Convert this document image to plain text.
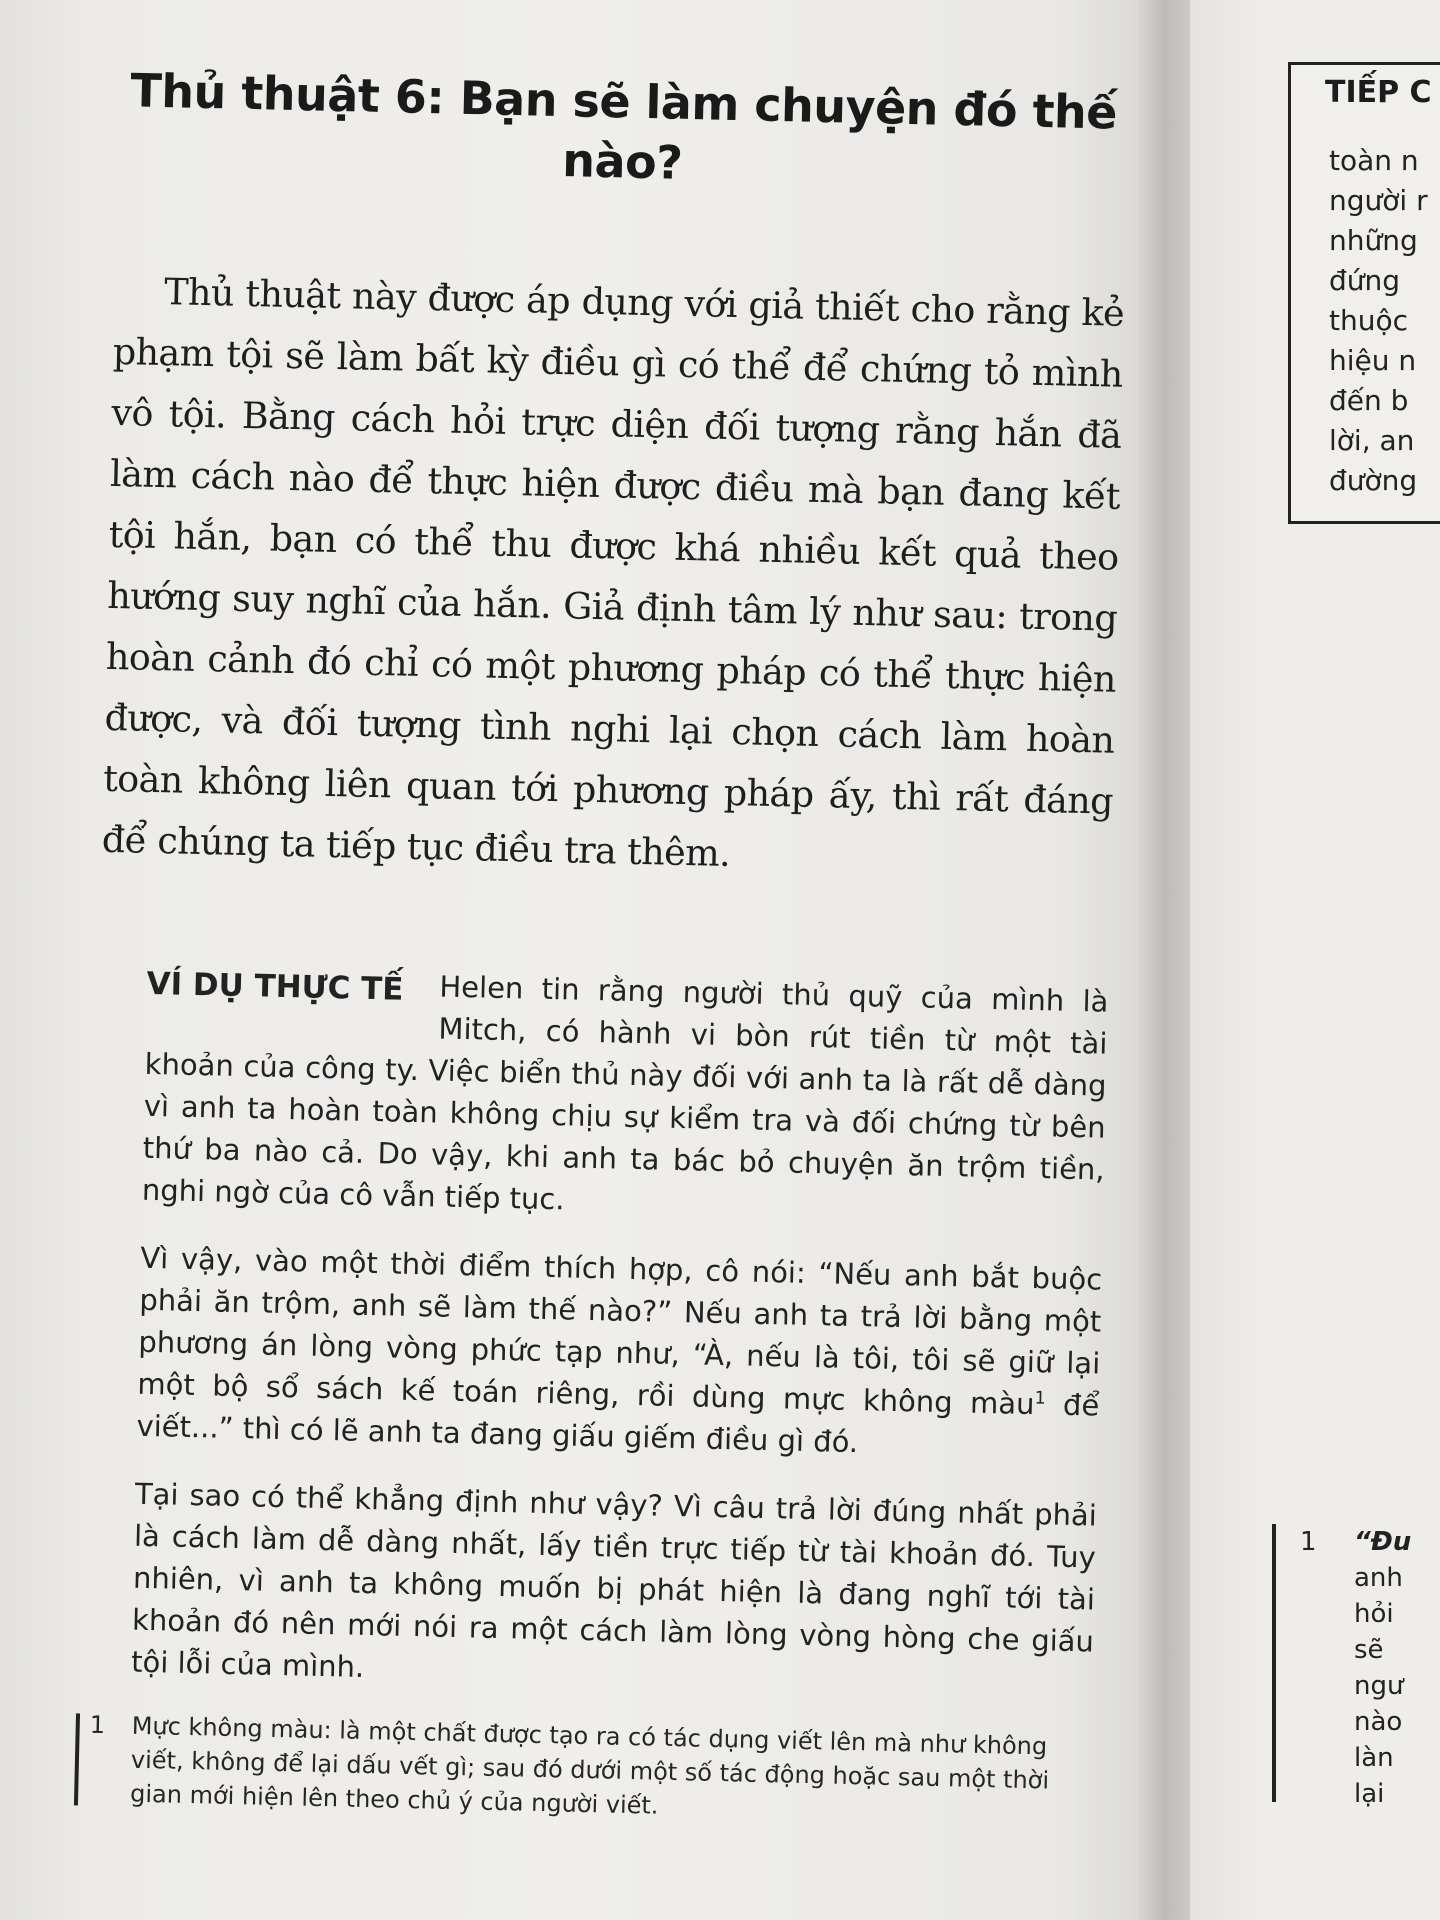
Thủ thuật 6: Bạn sẽ làm chuyện đó thế nào?

Thủ thuật này được áp dụng với giả thiết cho rằng kẻ phạm tội sẽ làm bất kỳ điều gì có thể để chứng tỏ mình vô tội. Bằng cách hỏi trực diện đối tượng rằng hắn đã làm cách nào để thực hiện được điều mà bạn đang kết tội hắn, bạn có thể thu được khá nhiều kết quả theo hướng suy nghĩ của hắn. Giả định tâm lý như sau: trong hoàn cảnh đó chỉ có một phương pháp có thể thực hiện được, và đối tượng tình nghi lại chọn cách làm hoàn toàn không liên quan tới phương pháp ấy, thì rất đáng để chúng ta tiếp tục điều tra thêm.

VÍ DỤ THỰC TẾ	Helen tin rằng người thủ quỹ của mình là Mitch, có hành vi bòn rút tiền từ một tài khoản của công ty. Việc biển thủ này đối với anh ta là rất dễ dàng vì anh ta hoàn toàn không chịu sự kiểm tra và đối chứng từ bên thứ ba nào cả. Do vậy, khi anh ta bác bỏ chuyện ăn trộm tiền, nghi ngờ của cô vẫn tiếp tục.

Vì vậy, vào một thời điểm thích hợp, cô nói: “Nếu anh bắt buộc phải ăn trộm, anh sẽ làm thế nào?” Nếu anh ta trả lời bằng một phương án lòng vòng phức tạp như, “À, nếu là tôi, tôi sẽ giữ lại một bộ sổ sách kế toán riêng, rồi dùng mực không màu$^1$ để viết...” thì có lẽ anh ta đang giấu giếm điều gì đó.

Tại sao có thể khẳng định như vậy? Vì câu trả lời đúng nhất phải là cách làm dễ dàng nhất, lấy tiền trực tiếp từ tài khoản đó. Tuy nhiên, vì anh ta không muốn bị phát hiện là đang nghĩ tới tài khoản đó nên mới nói ra một cách làm lòng vòng hòng che giấu tội lỗi của mình.

1 Mực không màu: là một chất được tạo ra có tác dụng viết lên mà như không viết, không để lại dấu vết gì; sau đó dưới một số tác động hoặc sau một thời gian mới hiện lên theo chủ ý của người viết.
TIẾP C
toàn n
người r
những
đứng
thuộc
hiệu n
đến b
lời, an
đường
1 “Đu
anh
hỏi
sẽ
ngư
nào
làn
lại
